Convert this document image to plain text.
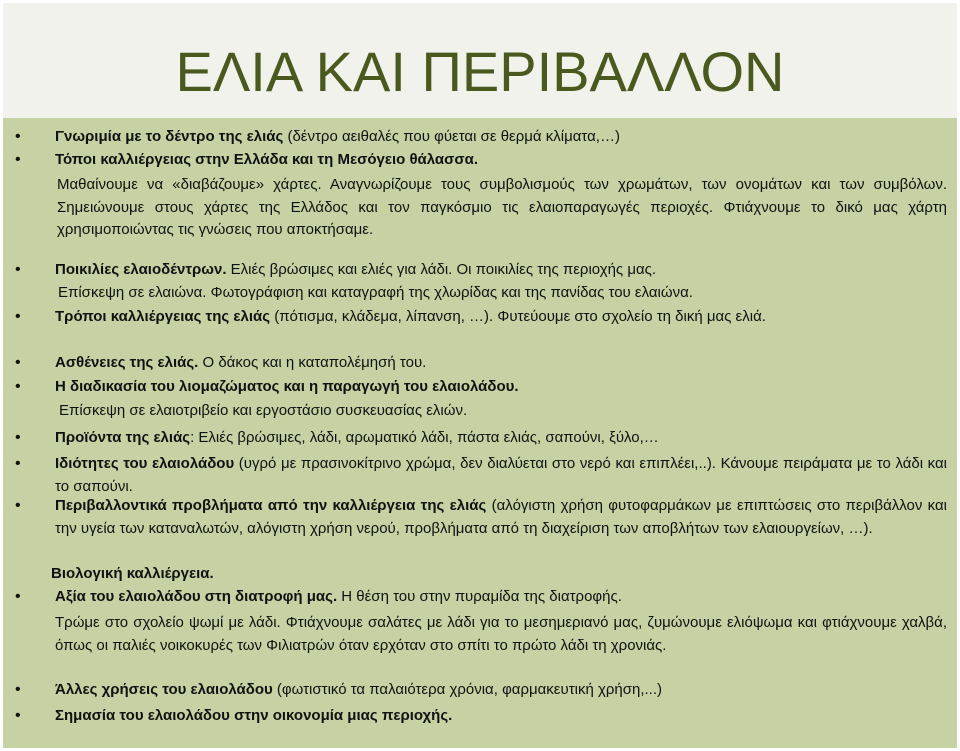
ΕΛΙΑ ΚΑΙ ΠΕΡΙΒΑΛΛΟΝ

• Γνωριμία με το δέντρο της ελιάς (δέντρο αειθαλές που φύεται σε θερμά κλίματα,…)

• Τόποι καλλιέργειας στην Ελλάδα και τη Μεσόγειο θάλασσα.

Μαθαίνουμε να «διαβάζουμε» χάρτες. Αναγνωρίζουμε τους συμβολισμούς των χρωμάτων, των ονομάτων και των συμβόλων. Σημειώνουμε στους χάρτες της Ελλάδος και τον παγκόσμιο τις ελαιοπαραγωγές περιοχές. Φτιάχνουμε το δικό μας χάρτη χρησιμοποιώντας τις γνώσεις που αποκτήσαμε.

• Ποικιλίες ελαιοδέντρων. Ελιές βρώσιμες και ελιές για λάδι. Οι ποικιλίες της περιοχής μας.

Επίσκεψη σε ελαιώνα. Φωτογράφιση και καταγραφή της χλωρίδας και της πανίδας του ελαιώνα.

• Τρόποι καλλιέργειας της ελιάς (πότισμα, κλάδεμα, λίπανση, …). Φυτεύουμε στο σχολείο τη δική μας ελιά.

• Ασθένειες της ελιάς. Ο δάκος και η καταπολέμησή του.

• Η διαδικασία του λιομαζώματος και η παραγωγή του ελαιολάδου.

Επίσκεψη σε ελαιοτριβείο και εργοστάσιο συσκευασίας ελιών.

• Προϊόντα της ελιάς: Ελιές βρώσιμες, λάδι, αρωματικό λάδι, πάστα ελιάς, σαπούνι, ξύλο,…

• Ιδιότητες του ελαιολάδου (υγρό με πρασινοκίτρινο χρώμα, δεν διαλύεται στο νερό και επιπλέει,..). Κάνουμε πειράματα με το λάδι και το σαπούνι.

• Περιβαλλοντικά προβλήματα από την καλλιέργεια της ελιάς (αλόγιστη χρήση φυτοφαρμάκων με επιπτώσεις στο περιβάλλον και την υγεία των καταναλωτών, αλόγιστη χρήση νερού, προβλήματα από τη διαχείριση των αποβλήτων των ελαιουργείων, …).

Βιολογική καλλιέργεια.

• Αξία του ελαιολάδου στη διατροφή μας. Η θέση του στην πυραμίδα της διατροφής.

Τρώμε στο σχολείο ψωμί με λάδι. Φτιάχνουμε σαλάτες με λάδι για το μεσημεριανό μας, ζυμώνουμε ελιόψωμα και φτιάχνουμε χαλβά, όπως οι παλιές νοικοκυρές των Φιλιατρών όταν ερχόταν στο σπίτι το πρώτο λάδι τη χρονιάς.

• Άλλες χρήσεις του ελαιολάδου (φωτιστικό τα παλαιότερα χρόνια, φαρμακευτική χρήση,...)

• Σημασία του ελαιολάδου στην οικονομία μιας περιοχής.
